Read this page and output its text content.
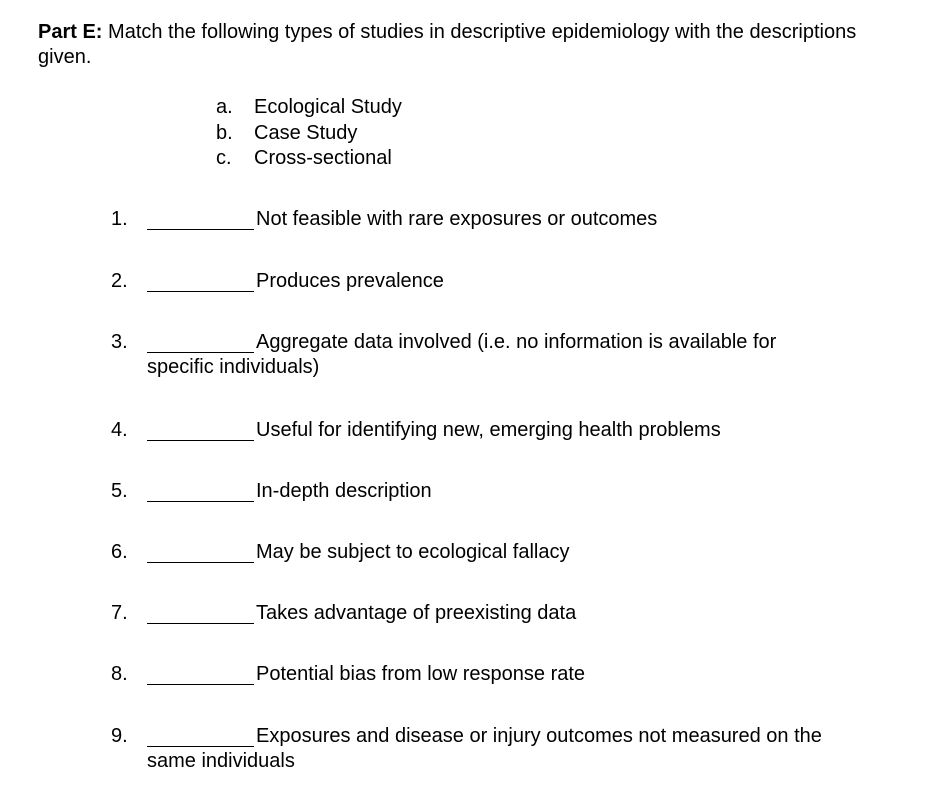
Part E: Match the following types of studies in descriptive epidemiology with the descriptions given.
a. Ecological Study
b. Case Study
c. Cross-sectional
1.	Not feasible with rare exposures or outcomes
2.	Produces prevalence
3.	Aggregate data involved (i.e. no information is available for
specific individuals)
4.	Useful for identifying new, emerging health problems
5.	In-depth description
6.	May be subject to ecological fallacy
7.	Takes advantage of preexisting data
8.	Potential bias from low response rate
9.	Exposures and disease or injury outcomes not measured on the
same individuals
